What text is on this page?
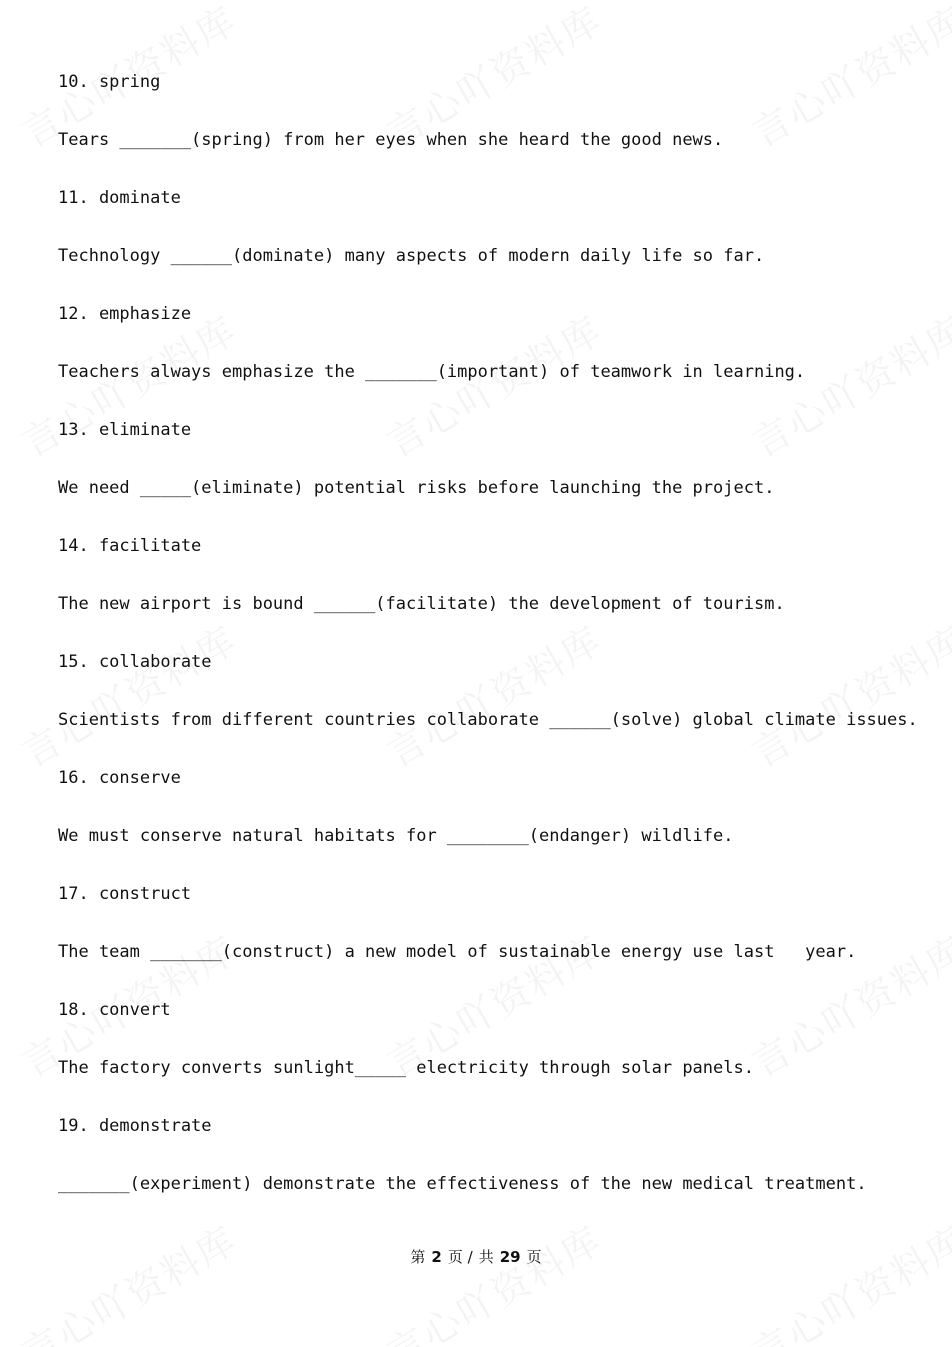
10. spring
Tears _______(spring) from her eyes when she heard the good news.
11. dominate
Technology ______(dominate) many aspects of modern daily life so far.
12. emphasize
Teachers always emphasize the _______(important) of teamwork in learning.
13. eliminate
We need _____(eliminate) potential risks before launching the project.
14. facilitate
The new airport is bound ______(facilitate) the development of tourism.
15. collaborate
Scientists from different countries collaborate ______(solve) global climate issues.
16. conserve
We must conserve natural habitats for ________(endanger) wildlife.
17. construct
The team _______(construct) a new model of sustainable energy use last   year.
18. convert
The factory converts sunlight_____ electricity through solar panels.
19. demonstrate
_______(experiment) demonstrate the effectiveness of the new medical treatment.
第 2 页 / 共 29 页
